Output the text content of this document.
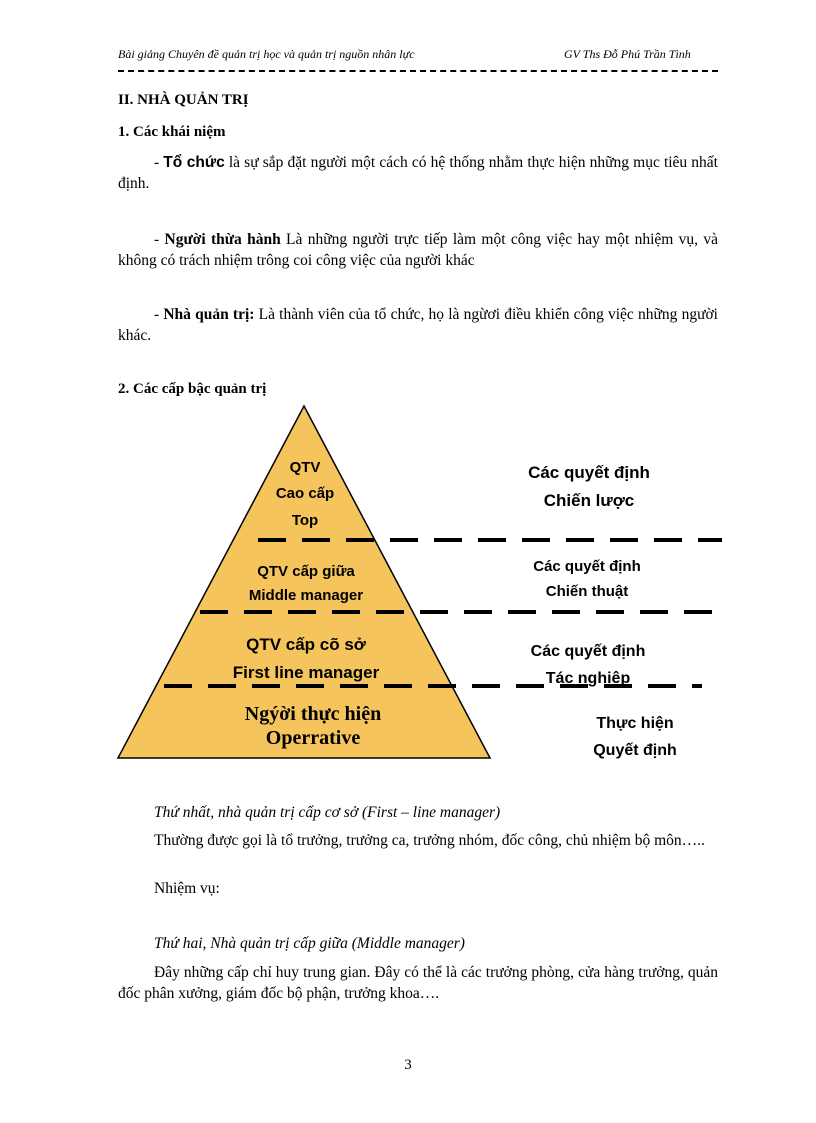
Bài giảng Chuyên đề quản trị học và quản trị nguồn nhân lực	GV Ths Đỗ Phú Trần Tình
II. NHÀ QUẢN TRỊ
1. Các khái niệm
- Tổ chức là sự sắp đặt người một cách có hệ thống nhằm thực hiện những mục tiêu nhất định.
- Người thừa hành Là những người trực tiếp làm một công việc hay một nhiệm vụ, và không có trách nhiệm trông coi công việc của người khác
- Nhà quản trị: Là thành viên của tổ chức, họ là ngừơi điều khiển công việc những người khác.
2. Các cấp bậc quản trị
QTV
Cao cấp
Top
QTV cấp giữa
Middle manager
QTV cấp cõ sở
First line manager
Ngýời thực hiện
Operrative
Các quyết định
Chiến lược
Các quyết định
Chiến thuật
Các quyết định
Tác nghiệp
Thực hiện
Quyết định
Thứ nhất, nhà quản trị cấp cơ sở (First – line manager)
Thường được gọi là tổ trưởng, trưởng ca, trưởng nhóm, đốc công, chủ nhiệm bộ môn…..
Nhiệm vụ:
Thứ hai, Nhà quản trị cấp giữa (Middle manager)
Đây những cấp chỉ huy trung gian. Đây có thể là các trưởng phòng, cửa hàng trưởng, quản đốc phân xưởng, giám đốc bộ phận, trưởng khoa….
3
